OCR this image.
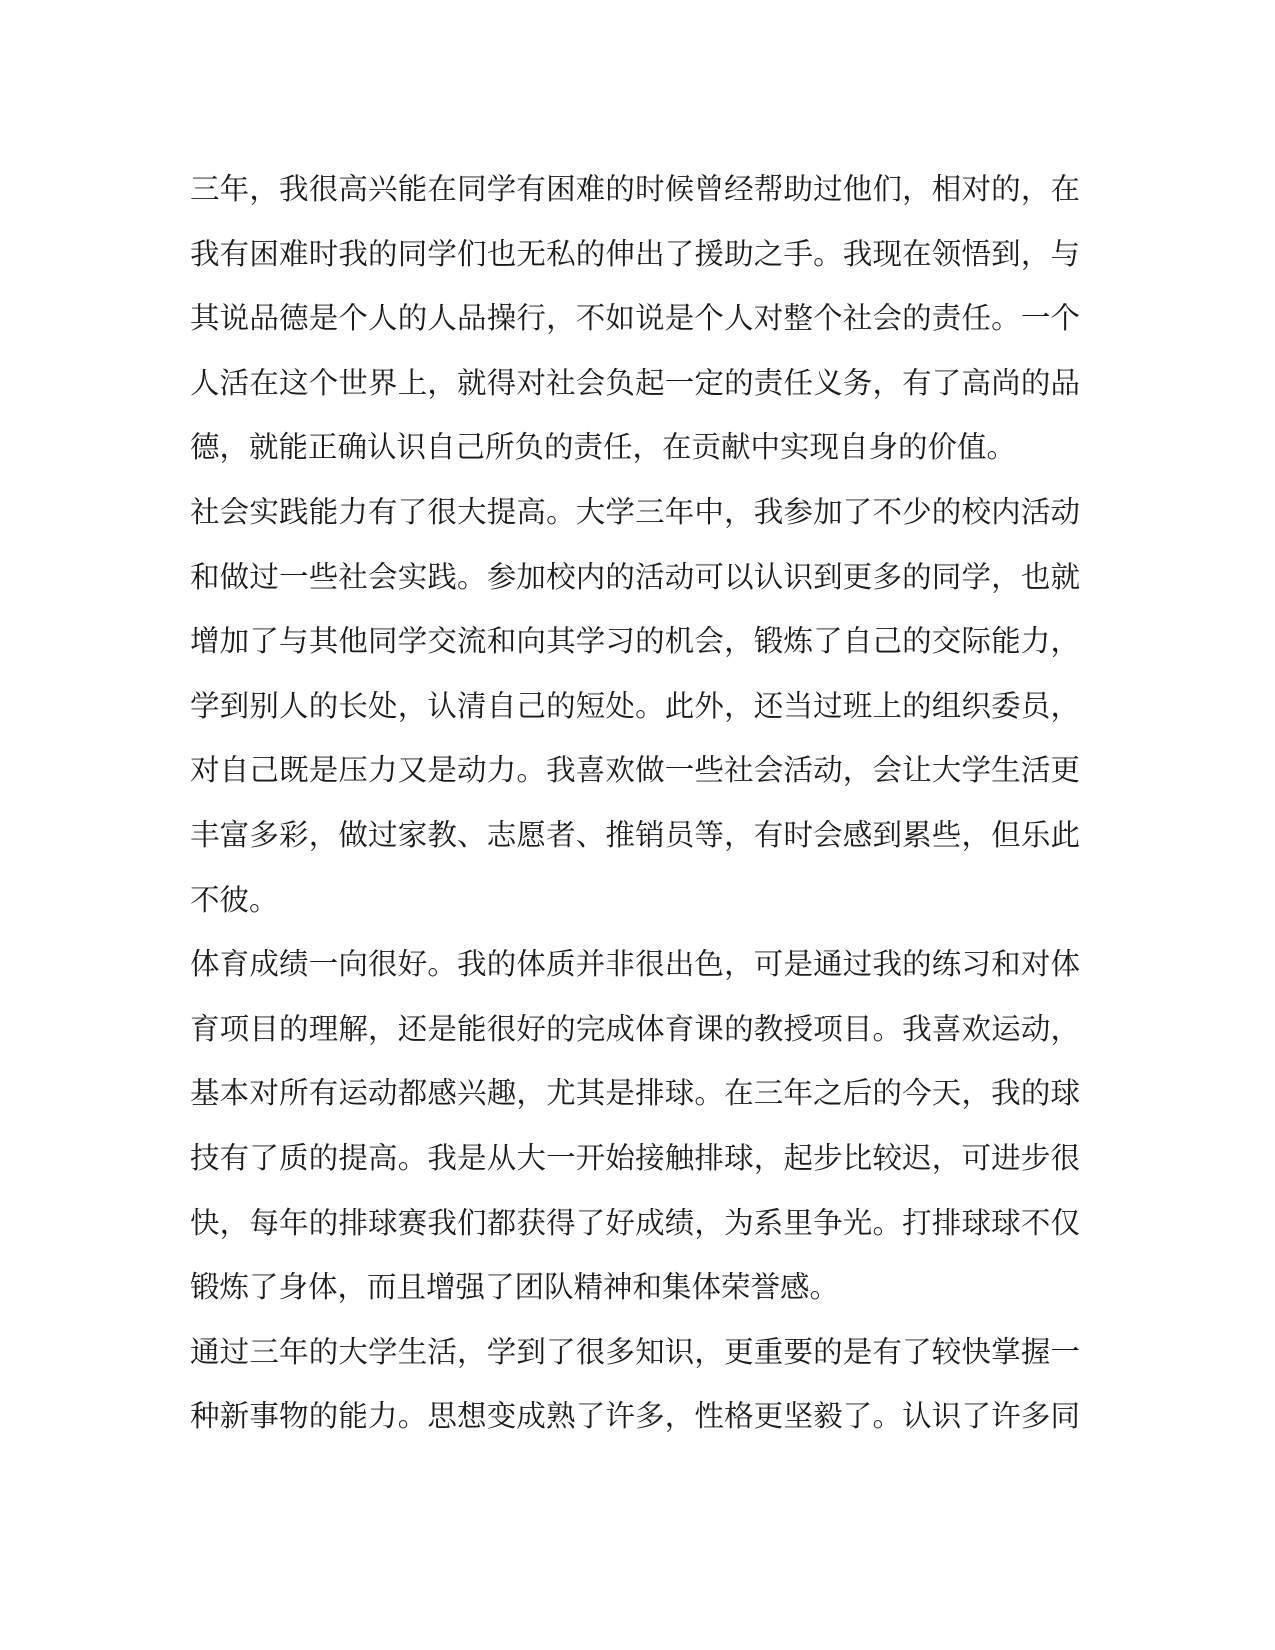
三年，我很高兴能在同学有困难的时候曾经帮助过他们，相对的，在
我有困难时我的同学们也无私的伸出了援助之手。我现在领悟到，与
其说品德是个人的人品操行，不如说是个人对整个社会的责任。一个
人活在这个世界上，就得对社会负起一定的责任义务，有了高尚的品
德，就能正确认识自己所负的责任，在贡献中实现自身的价值。
社会实践能力有了很大提高。大学三年中，我参加了不少的校内活动
和做过一些社会实践。参加校内的活动可以认识到更多的同学，也就
增加了与其他同学交流和向其学习的机会，锻炼了自己的交际能力，
学到别人的长处，认清自己的短处。此外，还当过班上的组织委员，
对自己既是压力又是动力。我喜欢做一些社会活动，会让大学生活更
丰富多彩，做过家教、志愿者、推销员等，有时会感到累些，但乐此
不彼。
体育成绩一向很好。我的体质并非很出色，可是通过我的练习和对体
育项目的理解，还是能很好的完成体育课的教授项目。我喜欢运动，
基本对所有运动都感兴趣，尤其是排球。在三年之后的今天，我的球
技有了质的提高。我是从大一开始接触排球，起步比较迟，可进步很
快，每年的排球赛我们都获得了好成绩，为系里争光。打排球球不仅
锻炼了身体，而且增强了团队精神和集体荣誉感。
通过三年的大学生活，学到了很多知识，更重要的是有了较快掌握一
种新事物的能力。思想变成熟了许多，性格更坚毅了。认识了许多同
